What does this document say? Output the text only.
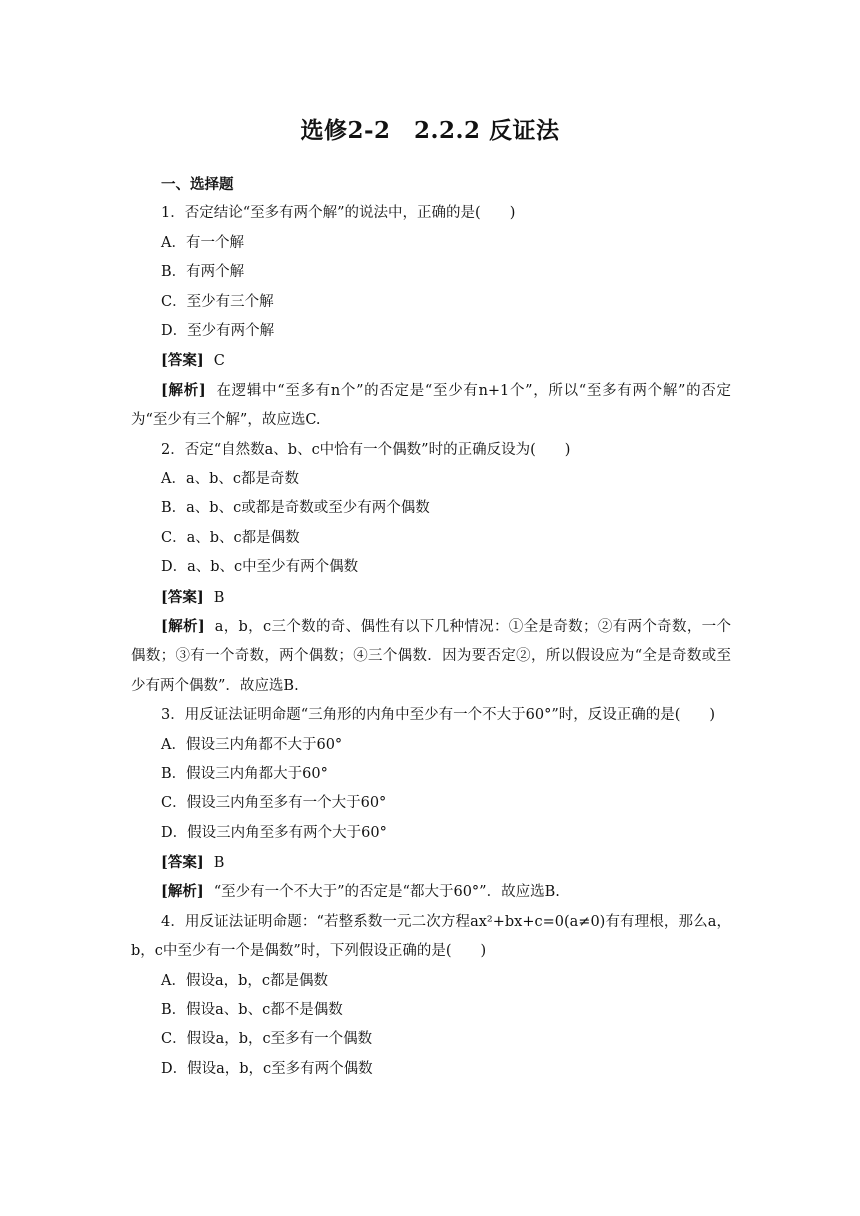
选修2-2　2.2.2 反证法
一、选择题
1．否定结论“至多有两个解”的说法中，正确的是(　　)
A．有一个解
B．有两个解
C．至少有三个解
D．至少有两个解
[答案] C
[解析] 在逻辑中“至多有n个”的否定是“至少有n+1个”，所以“至多有两个解”的否定为“至少有三个解”，故应选C.
2．否定“自然数a、b、c中恰有一个偶数”时的正确反设为(　　)
A．a、b、c都是奇数
B．a、b、c或都是奇数或至少有两个偶数
C．a、b、c都是偶数
D．a、b、c中至少有两个偶数
[答案] B
[解析] a，b，c三个数的奇、偶性有以下几种情况：①全是奇数；②有两个奇数，一个偶数；③有一个奇数，两个偶数；④三个偶数．因为要否定②，所以假设应为“全是奇数或至少有两个偶数”．故应选B.
3．用反证法证明命题“三角形的内角中至少有一个不大于60°”时，反设正确的是(　　)
A．假设三内角都不大于60°
B．假设三内角都大于60°
C．假设三内角至多有一个大于60°
D．假设三内角至多有两个大于60°
[答案] B
[解析] “至少有一个不大于”的否定是“都大于60°”．故应选B.
4．用反证法证明命题：“若整系数一元二次方程ax²+bx+c=0(a≠0)有有理根，那么a，b，c中至少有一个是偶数”时，下列假设正确的是(　　)
A．假设a，b，c都是偶数
B．假设a、b、c都不是偶数
C．假设a，b，c至多有一个偶数
D．假设a，b，c至多有两个偶数
